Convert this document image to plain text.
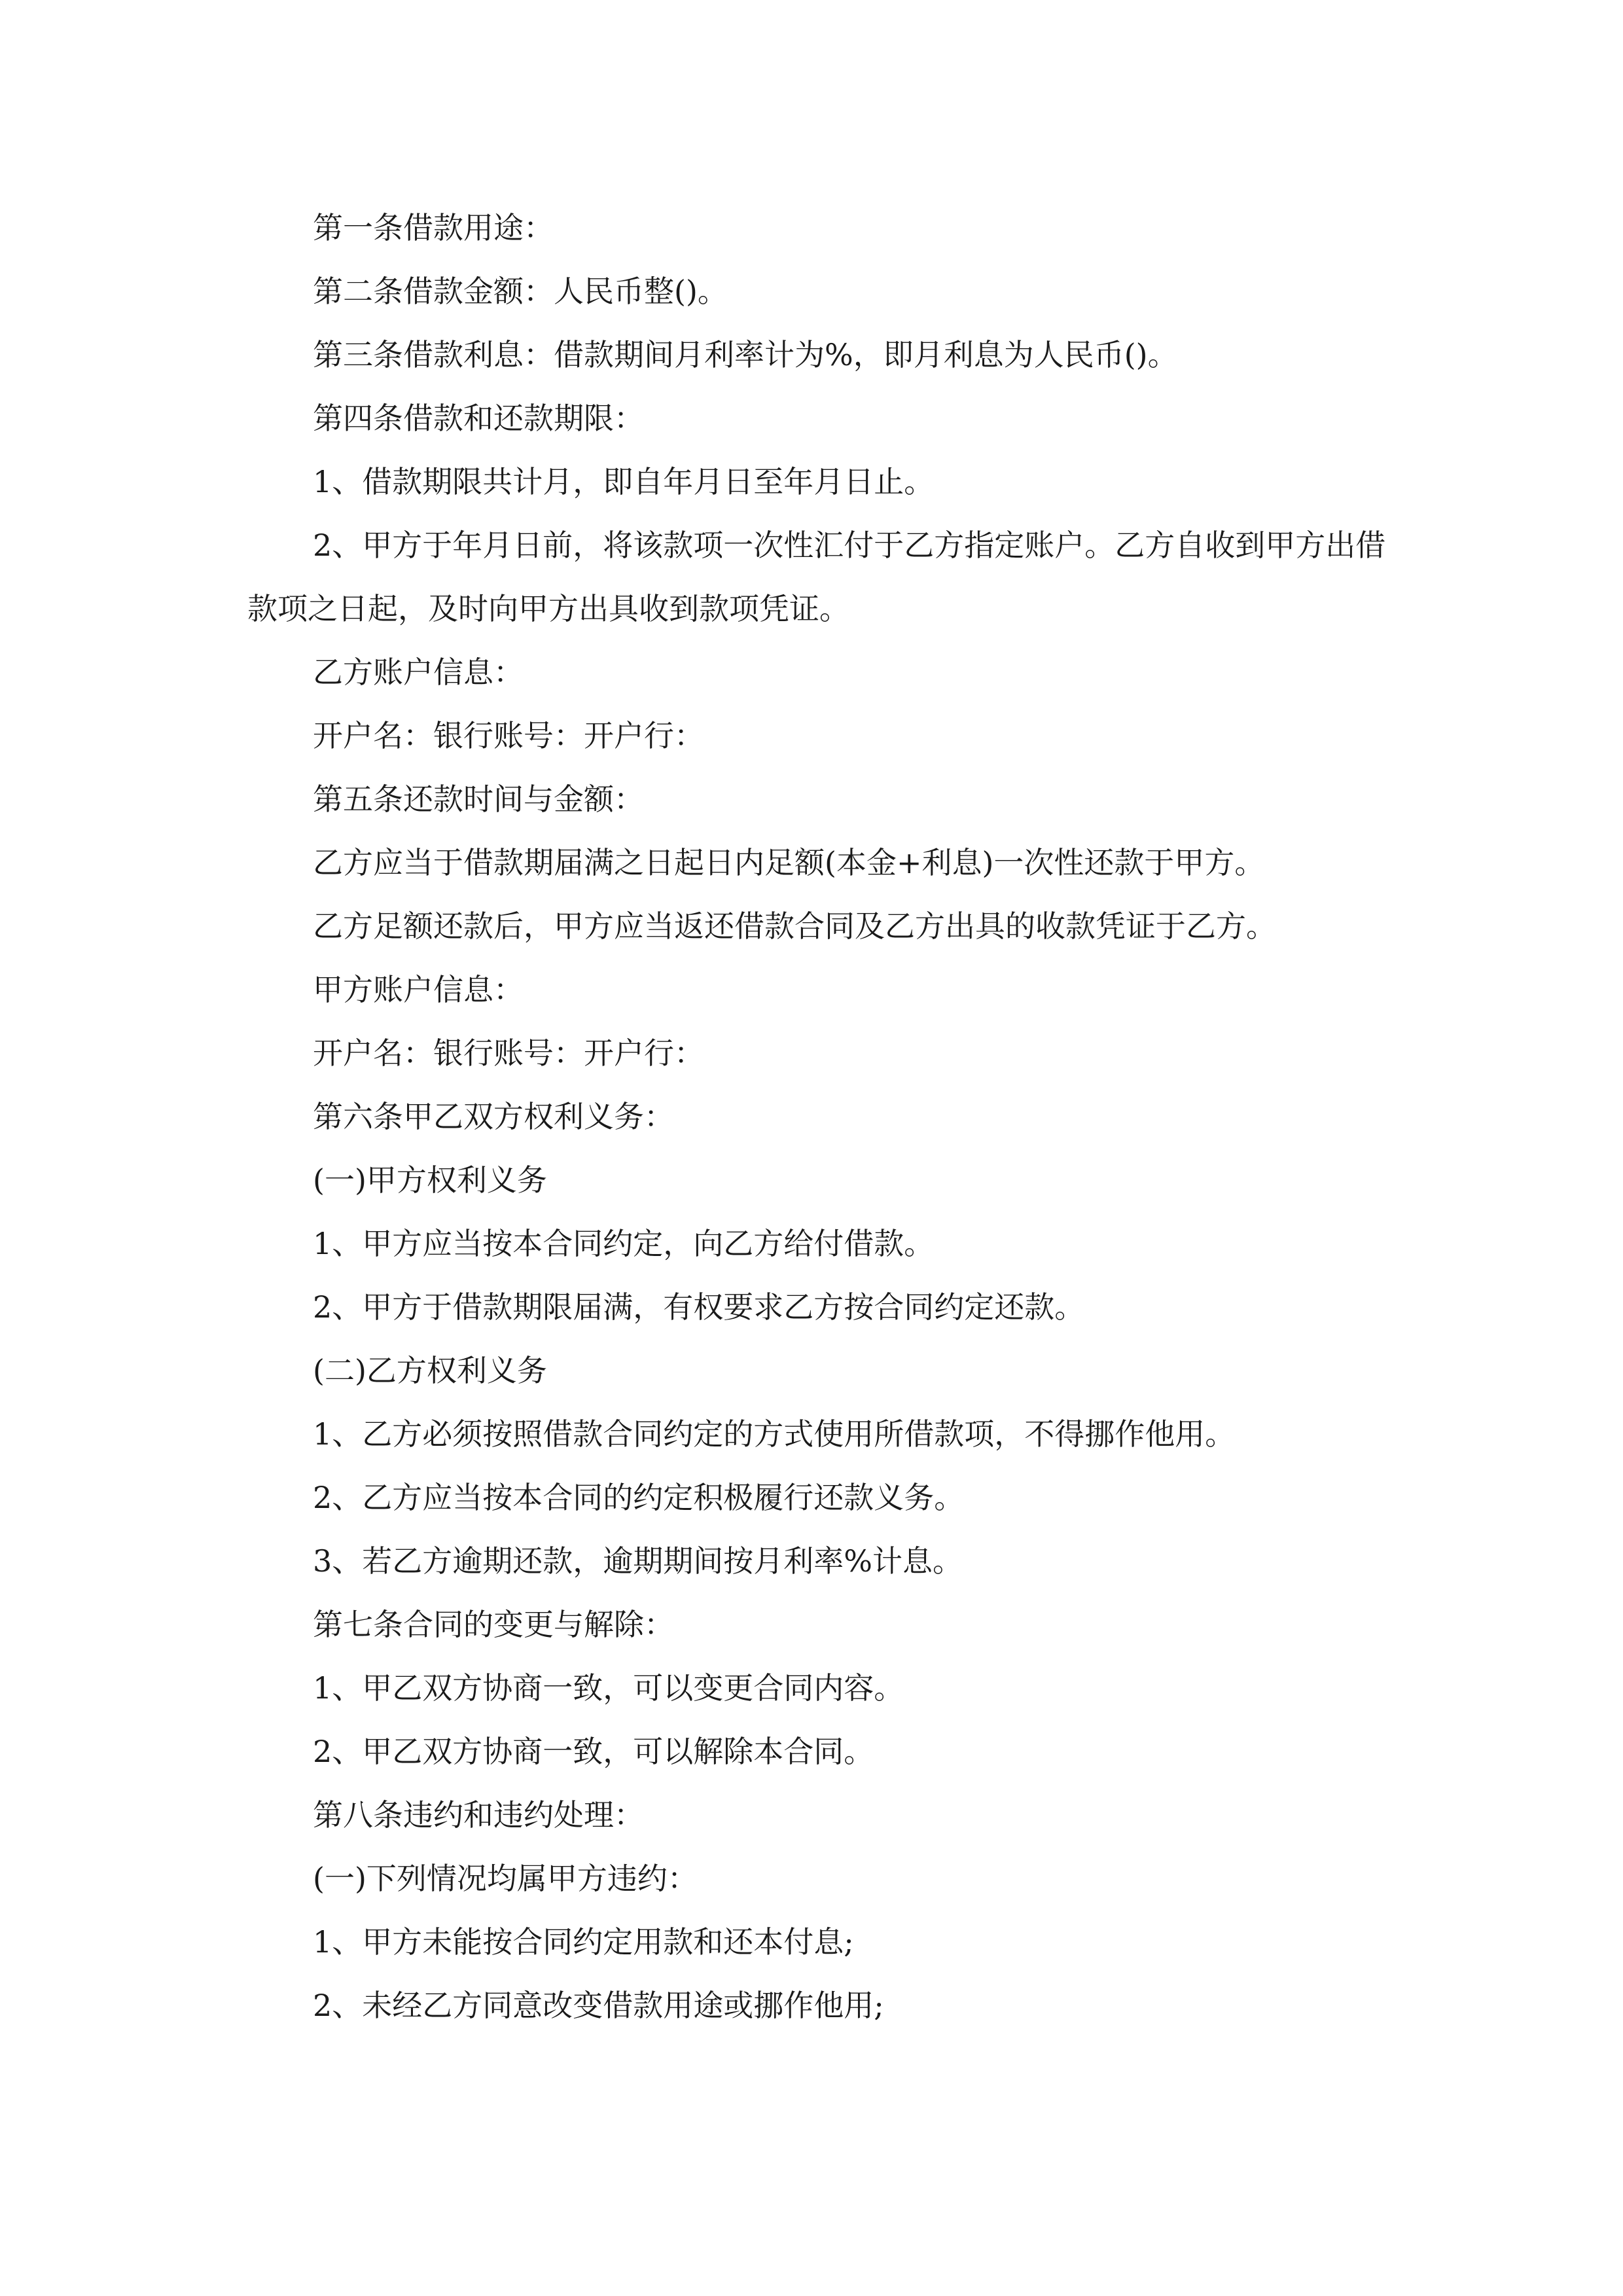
第一条借款用途：

第二条借款金额：人民币整()。

第三条借款利息：借款期间月利率计为%，即月利息为人民币()。

第四条借款和还款期限：

1、借款期限共计月，即自年月日至年月日止。

2、甲方于年月日前，将该款项一次性汇付于乙方指定账户。乙方自收到甲方出借款项之日起，及时向甲方出具收到款项凭证。

乙方账户信息：

开户名：银行账号：开户行：

第五条还款时间与金额：

乙方应当于借款期届满之日起日内足额(本金+利息)一次性还款于甲方。

乙方足额还款后，甲方应当返还借款合同及乙方出具的收款凭证于乙方。

甲方账户信息：

开户名：银行账号：开户行：

第六条甲乙双方权利义务：

(一)甲方权利义务

1、甲方应当按本合同约定，向乙方给付借款。

2、甲方于借款期限届满，有权要求乙方按合同约定还款。

(二)乙方权利义务

1、乙方必须按照借款合同约定的方式使用所借款项，不得挪作他用。

2、乙方应当按本合同的约定积极履行还款义务。

3、若乙方逾期还款，逾期期间按月利率%计息。

第七条合同的变更与解除：

1、甲乙双方协商一致，可以变更合同内容。

2、甲乙双方协商一致，可以解除本合同。

第八条违约和违约处理：

(一)下列情况均属甲方违约：

1、甲方未能按合同约定用款和还本付息;

2、未经乙方同意改变借款用途或挪作他用;
